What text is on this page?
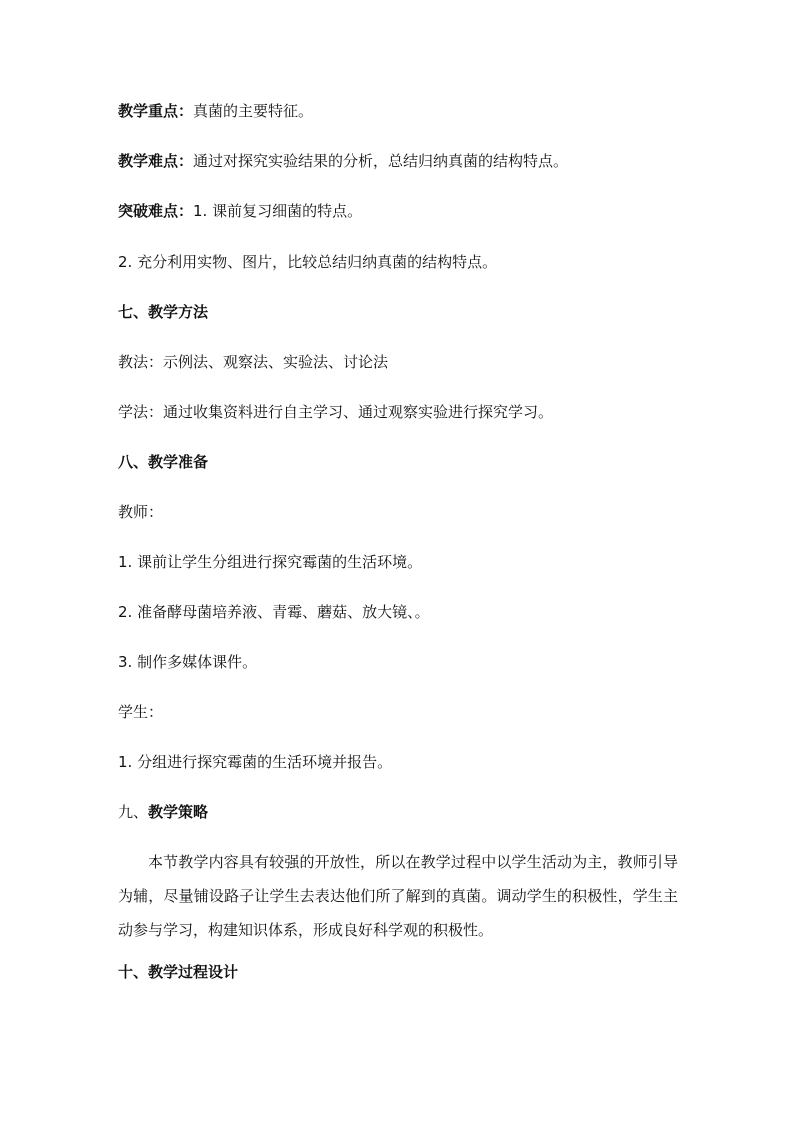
教学重点：真菌的主要特征。
教学难点：通过对探究实验结果的分析，总结归纳真菌的结构特点。
突破难点：1. 课前复习细菌的特点。
2. 充分利用实物、图片，比较总结归纳真菌的结构特点。
七、教学方法
教法：示例法、观察法、实验法、讨论法
学法：通过收集资料进行自主学习、通过观察实验进行探究学习。
八、教学准备
教师：
1. 课前让学生分组进行探究霉菌的生活环境。
2. 准备酵母菌培养液、青霉、蘑菇、放大镜、。
3. 制作多媒体课件。
学生：
1. 分组进行探究霉菌的生活环境并报告。
九、教学策略
本节教学内容具有较强的开放性，所以在教学过程中以学生活动为主，教师引导为辅，尽量铺设路子让学生去表达他们所了解到的真菌。调动学生的积极性，学生主动参与学习，构建知识体系，形成良好科学观的积极性。
十、教学过程设计
